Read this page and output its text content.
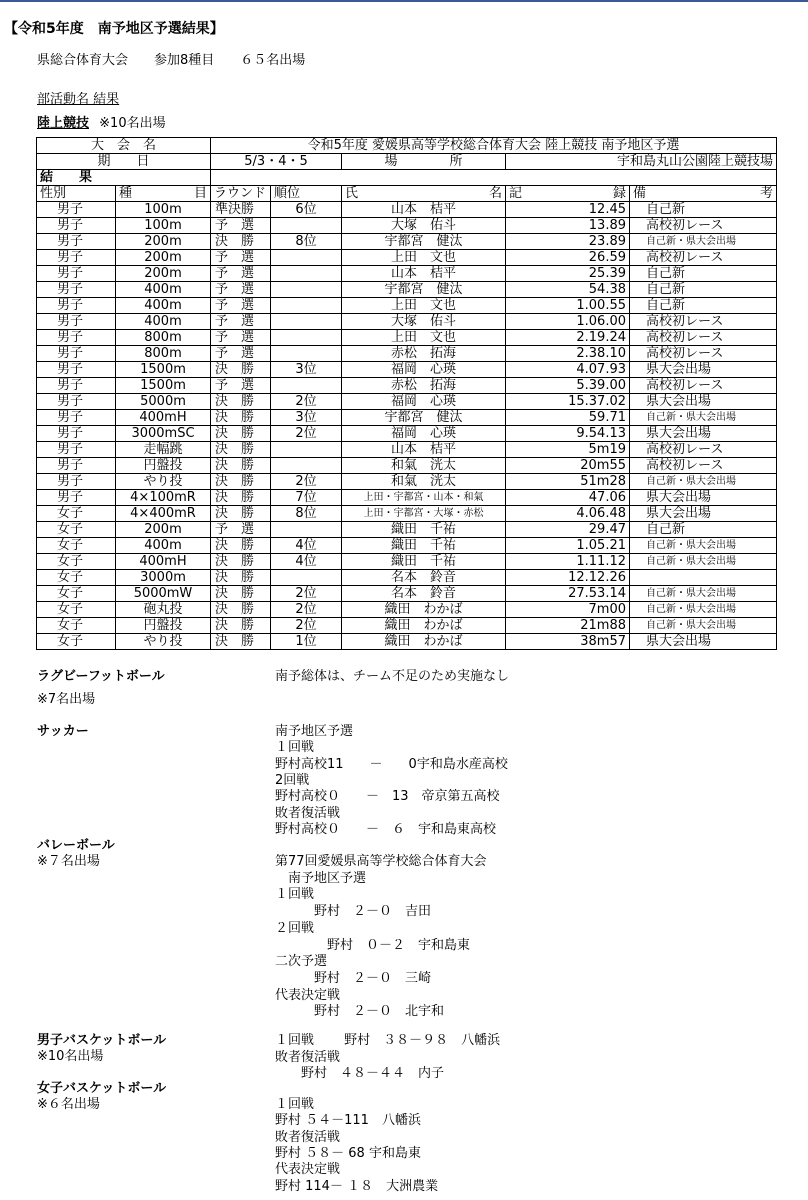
【令和5年度　南予地区予選結果】
県総合体育大会　　参加8種目　　６５名出場
部活動名 結果
陸上競技 ※10名出場
大　会　名		令和5年度 愛媛県高等学校総合体育大会 陸上競技 南予地区予選				
期　　日		5/3・4・5		場　　　　所	宇和島丸山公園陸上競技場	
結　　果						
性別	種　　目	ラウンド	順位	氏　　　　名	記　　　　録	備　　　　考
男子	100m	準決勝	6位	山本　桔平	12.45	自己新
男子	100m	予　選		大塚　佑斗	13.89	高校初レース
男子	200m	決　勝	8位	宇都宮　健汰	23.89	自己新・県大会出場
男子	200m	予　選		上田　文也	26.59	高校初レース
男子	200m	予　選		山本　桔平	25.39	自己新
男子	400m	予　選		宇都宮　健汰	54.38	自己新
男子	400m	予　選		上田　文也	1.00.55	自己新
男子	400m	予　選		大塚　佑斗	1.06.00	高校初レース
男子	800m	予　選		上田　文也	2.19.24	高校初レース
男子	800m	予　選		赤松　拓海	2.38.10	高校初レース
男子	1500m	決　勝	3位	福岡　心瑛	4.07.93	県大会出場
男子	1500m	予　選		赤松　拓海	5.39.00	高校初レース
男子	5000m	決　勝	2位	福岡　心瑛	15.37.02	県大会出場
男子	400mH	決　勝	3位	宇都宮　健汰	59.71	自己新・県大会出場
男子	3000mSC	決　勝	2位	福岡　心瑛	9.54.13	県大会出場
男子	走幅跳	決　勝		山本　桔平	5m19	高校初レース
男子	円盤投	決　勝		和氣　洸太	20m55	高校初レース
男子	やり投	決　勝	2位	和氣　洸太	51m28	自己新・県大会出場
男子	4×100mR	決　勝	7位	上田・宇都宮・山本・和氣	47.06	県大会出場
女子	4×400mR	決　勝	8位	上田・宇都宮・大塚・赤松	4.06.48	県大会出場
女子	200m	予　選		織田　千祐	29.47	自己新
女子	400m	決　勝	4位	織田　千祐	1.05.21	自己新・県大会出場
女子	400mH	決　勝	4位	織田　千祐	1.11.12	自己新・県大会出場
女子	3000m	決　勝		名本　鈴音	12.12.26	
女子	5000mW	決　勝	2位	名本　鈴音	27.53.14	自己新・県大会出場
女子	砲丸投	決　勝	2位	織田　わかば	7m00	自己新・県大会出場
女子	円盤投	決　勝	2位	織田　わかば	21m88	自己新・県大会出場
女子	やり投	決　勝	1位	織田　わかば	38m57	県大会出場
ラグビーフットボール
※7名出場
南予総体は、チーム不足のため実施なし
サッカー	南予地区予選
１回戦
野村高校11　　－　　0宇和島水産高校
2回戦
野村高校０　　－　13　帝京第五高校
敗者復活戦
野村高校０　　－　６　宇和島東高校
バレーボール
※７名出場	第77回愛媛県高等学校総合体育大会
　南予地区予選
１回戦
　　　野村　２－０　吉田
２回戦
　　　　野村　０－２　宇和島東
二次予選
　　　野村　２－０　三崎
代表決定戦
　　　野村　２－０　北宇和
男子バスケットボール
※10名出場
１回戦　　 野村　３８－９８　八幡浜
敗者復活戦
　　野村　４８－４４　内子
女子バスケットボール
※６名出場	１回戦
野村 ５４－111　八幡浜
敗者復活戦
野村 ５８－ 68 宇和島東
代表決定戦
野村 114－ １８　大洲農業
